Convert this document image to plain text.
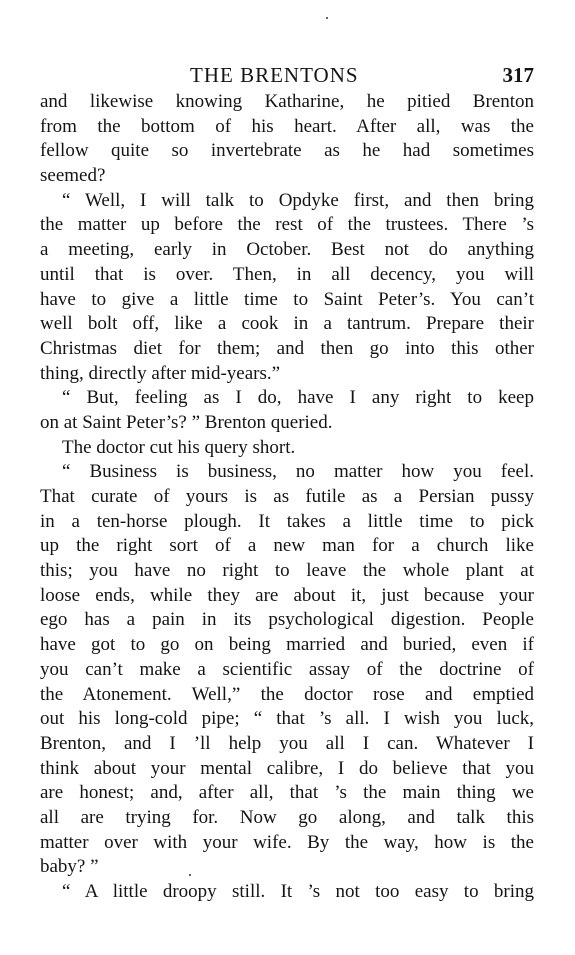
THE BRENTONS	317
and likewise knowing Katharine, he pitied Brenton
from the bottom of his heart. After all, was the
fellow quite so invertebrate as he had sometimes
seemed?
“ Well, I will talk to Opdyke first, and then bring
the matter up before the rest of the trustees. There ’s
a meeting, early in October. Best not do anything
until that is over. Then, in all decency, you will
have to give a little time to Saint Peter’s. You can’t
well bolt off, like a cook in a tantrum. Prepare their
Christmas diet for them; and then go into this other
thing, directly after mid-years.”
“ But, feeling as I do, have I any right to keep
on at Saint Peter’s? ” Brenton queried.
The doctor cut his query short.
“ Business is business, no matter how you feel.
That curate of yours is as futile as a Persian pussy
in a ten-horse plough. It takes a little time to pick
up the right sort of a new man for a church like
this; you have no right to leave the whole plant at
loose ends, while they are about it, just because your
ego has a pain in its psychological digestion. People
have got to go on being married and buried, even if
you can’t make a scientific assay of the doctrine of
the Atonement. Well,” the doctor rose and emptied
out his long-cold pipe; “ that ’s all. I wish you luck,
Brenton, and I ’ll help you all I can. Whatever I
think about your mental calibre, I do believe that you
are honest; and, after all, that ’s the main thing we
all are trying for. Now go along, and talk this
matter over with your wife. By the way, how is the
baby? ”
“ A little droopy still. It ’s not too easy to bring
